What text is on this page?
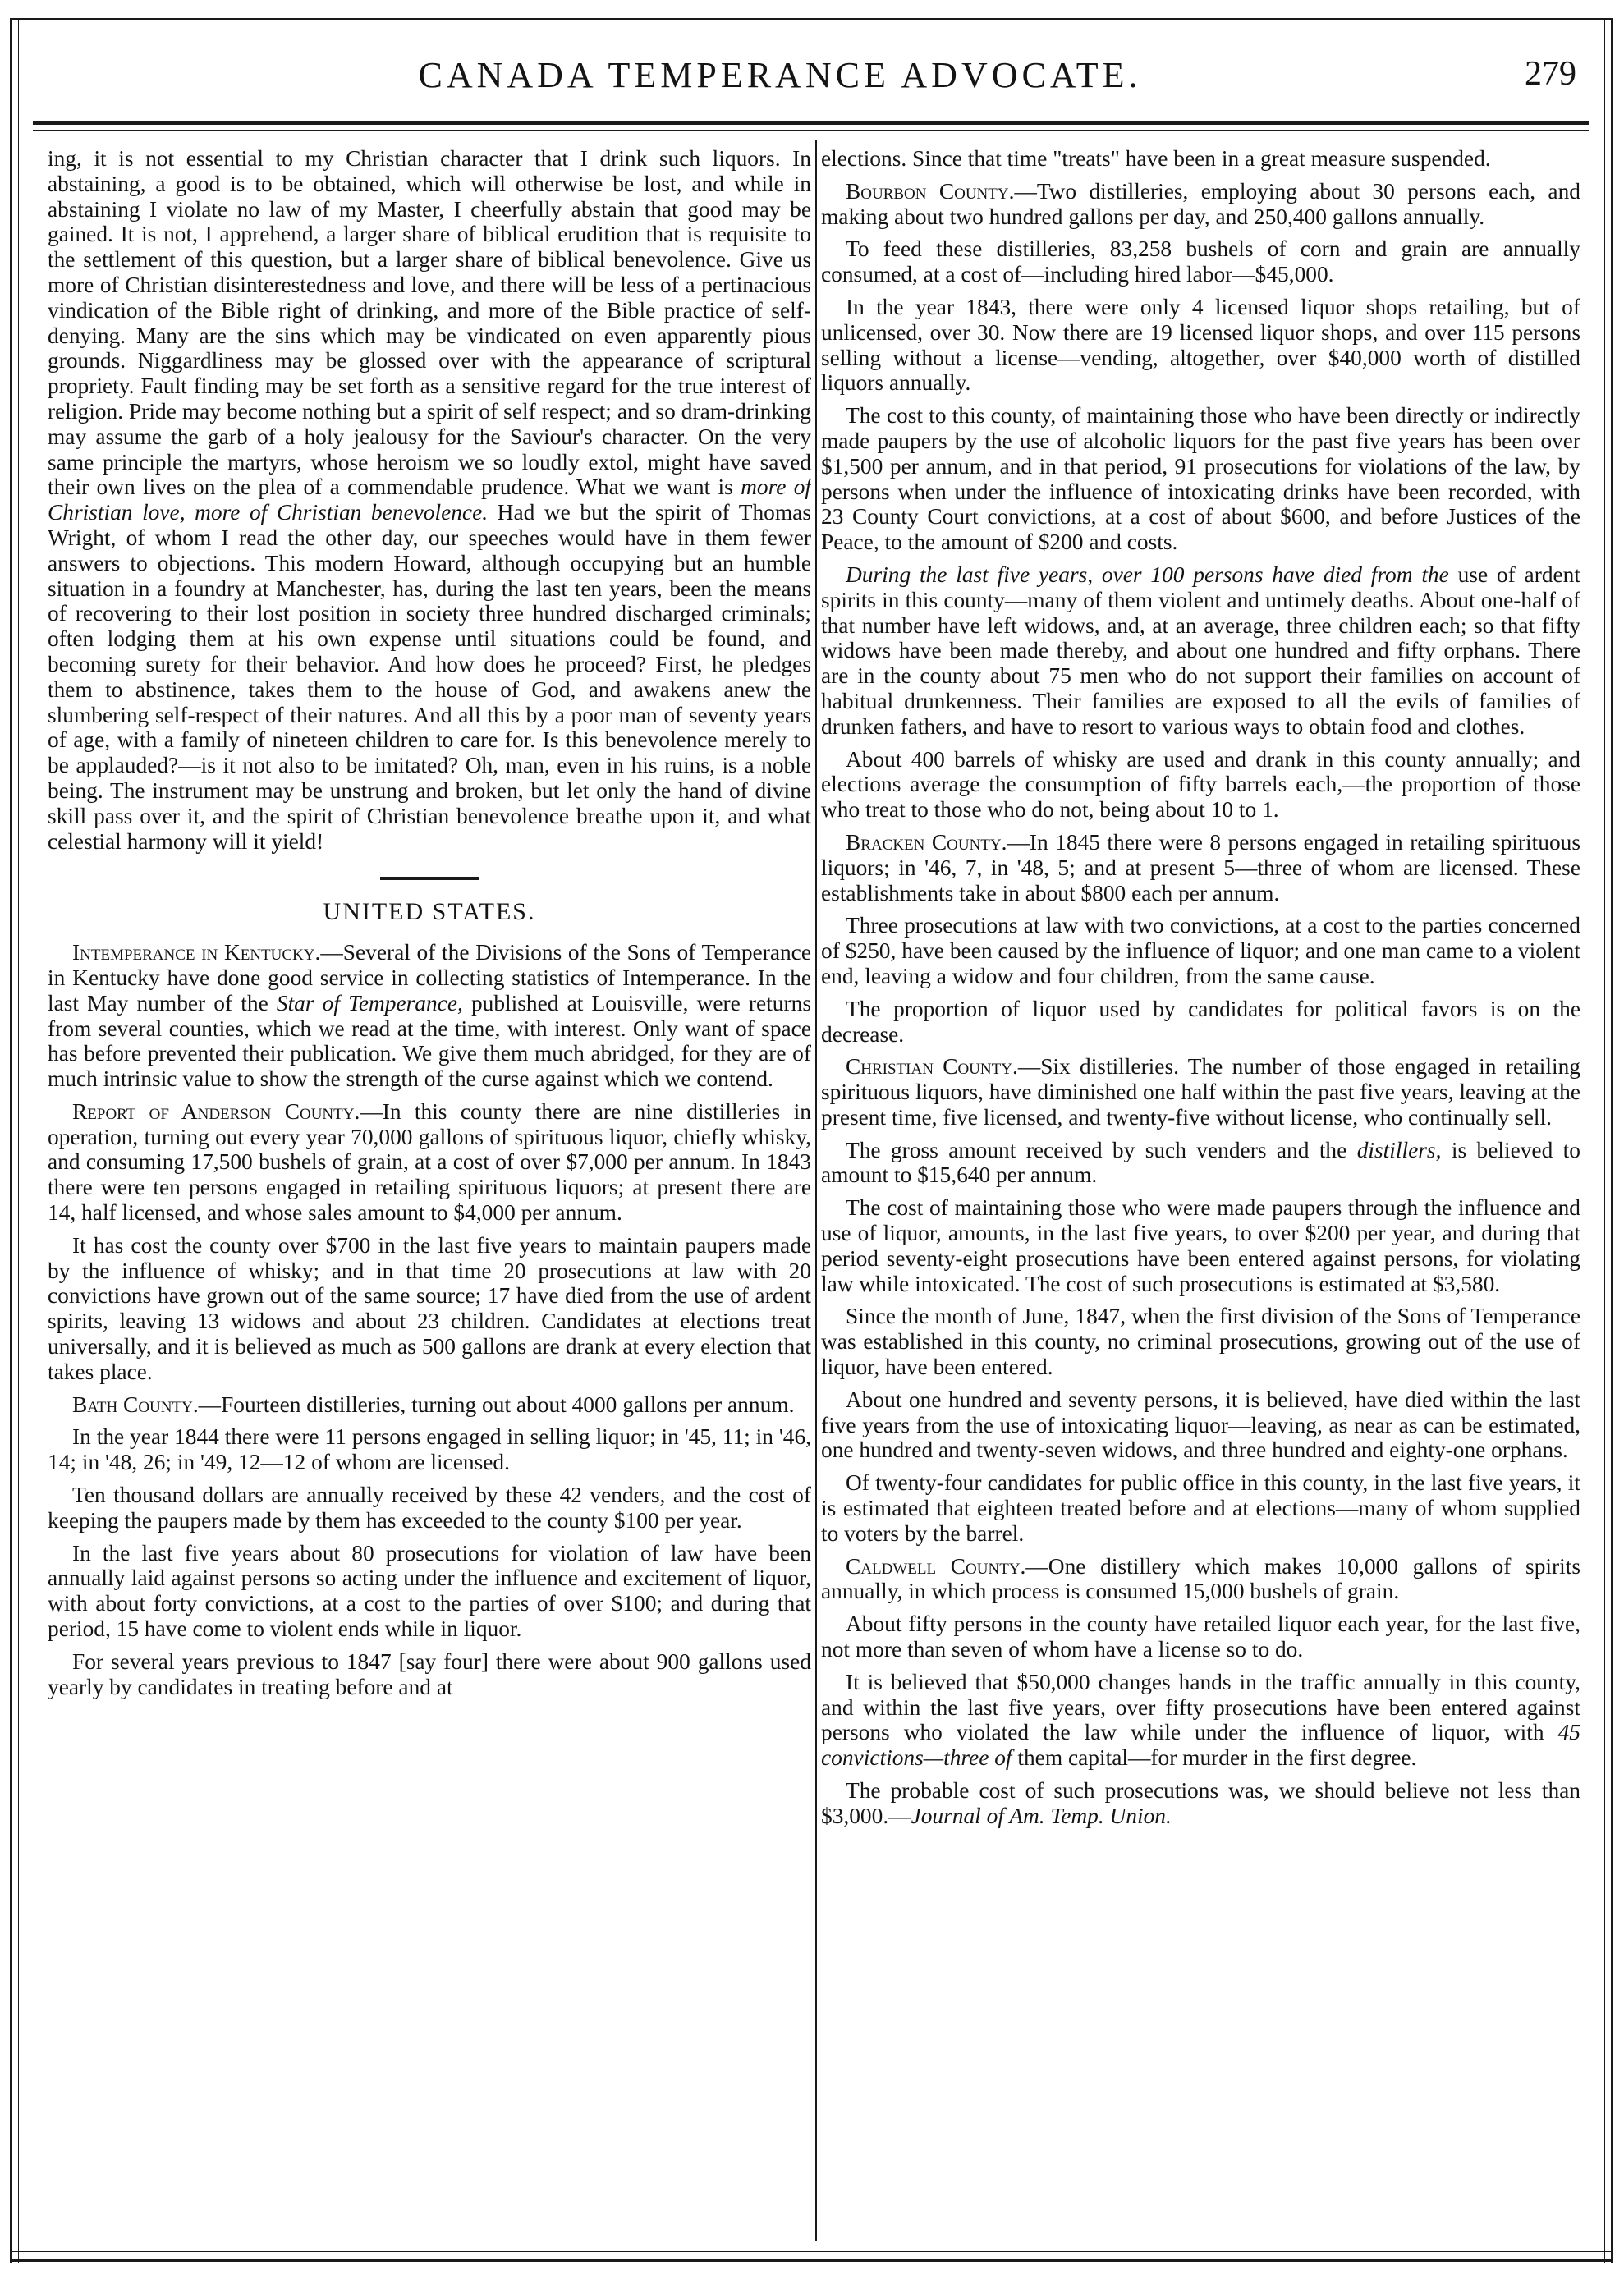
CANADA TEMPERANCE ADVOCATE.	279

ing, it is not essential to my Christian character that I drink such liquors. In abstaining, a good is to be obtained, which will otherwise be lost, and while in abstaining I violate no law of my Master, I cheerfully abstain that good may be gained. It is not, I apprehend, a larger share of biblical erudition that is requisite to the settlement of this question, but a larger share of biblical benevolence. Give us more of Christian disinterestedness and love, and there will be less of a pertinacious vindication of the Bible right of drinking, and more of the Bible practice of self-denying. Many are the sins which may be vindicated on even apparently pious grounds. Niggardliness may be glossed over with the appearance of scriptural propriety. Fault finding may be set forth as a sensitive regard for the true interest of religion. Pride may become nothing but a spirit of self respect; and so dram-drinking may assume the garb of a holy jealousy for the Saviour's character. On the very same principle the martyrs, whose heroism we so loudly extol, might have saved their own lives on the plea of a commendable prudence. What we want is more of Christian love, more of Christian benevolence. Had we but the spirit of Thomas Wright, of whom I read the other day, our speeches would have in them fewer answers to objections. This modern Howard, although occupying but an humble situation in a foundry at Manchester, has, during the last ten years, been the means of recovering to their lost position in society three hundred discharged criminals; often lodging them at his own expense until situations could be found, and becoming surety for their behavior. And how does he proceed? First, he pledges them to abstinence, takes them to the house of God, and awakens anew the slumbering self-respect of their natures. And all this by a poor man of seventy years of age, with a family of nineteen children to care for. Is this benevolence merely to be applauded?—is it not also to be imitated? Oh, man, even in his ruins, is a noble being. The instrument may be unstrung and broken, but let only the hand of divine skill pass over it, and the spirit of Christian benevolence breathe upon it, and what celestial harmony will it yield!

UNITED STATES.

Intemperance in Kentucky.—Several of the Divisions of the Sons of Temperance in Kentucky have done good service in collecting statistics of Intemperance. In the last May number of the Star of Temperance, published at Louisville, were returns from several counties, which we read at the time, with interest. Only want of space has before prevented their publication. We give them much abridged, for they are of much intrinsic value to show the strength of the curse against which we contend.

Report of Anderson County.—In this county there are nine distilleries in operation, turning out every year 70,000 gallons of spirituous liquor, chiefly whisky, and consuming 17,500 bushels of grain, at a cost of over $7,000 per annum. In 1843 there were ten persons engaged in retailing spirituous liquors; at present there are 14, half licensed, and whose sales amount to $4,000 per annum.

It has cost the county over $700 in the last five years to maintain paupers made by the influence of whisky; and in that time 20 prosecutions at law with 20 convictions have grown out of the same source; 17 have died from the use of ardent spirits, leaving 13 widows and about 23 children. Candidates at elections treat universally, and it is believed as much as 500 gallons are drank at every election that takes place.

Bath County.—Fourteen distilleries, turning out about 4000 gallons per annum.

In the year 1844 there were 11 persons engaged in selling liquor; in '45, 11; in '46, 14; in '48, 26; in '49, 12—12 of whom are licensed.

Ten thousand dollars are annually received by these 42 venders, and the cost of keeping the paupers made by them has exceeded to the county $100 per year.

In the last five years about 80 prosecutions for violation of law have been annually laid against persons so acting under the influence and excitement of liquor, with about forty convictions, at a cost to the parties of over $100; and during that period, 15 have come to violent ends while in liquor.

For several years previous to 1847 [say four] there were about 900 gallons used yearly by candidates in treating before and at

elections. Since that time "treats" have been in a great measure suspended.

Bourbon County.—Two distilleries, employing about 30 persons each, and making about two hundred gallons per day, and 250,400 gallons annually.

To feed these distilleries, 83,258 bushels of corn and grain are annually consumed, at a cost of—including hired labor—$45,000.

In the year 1843, there were only 4 licensed liquor shops retailing, but of unlicensed, over 30. Now there are 19 licensed liquor shops, and over 115 persons selling without a license—vending, altogether, over $40,000 worth of distilled liquors annually.

The cost to this county, of maintaining those who have been directly or indirectly made paupers by the use of alcoholic liquors for the past five years has been over $1,500 per annum, and in that period, 91 prosecutions for violations of the law, by persons when under the influence of intoxicating drinks have been recorded, with 23 County Court convictions, at a cost of about $600, and before Justices of the Peace, to the amount of $200 and costs.

During the last five years, over 100 persons have died from the use of ardent spirits in this county—many of them violent and untimely deaths. About one-half of that number have left widows, and, at an average, three children each; so that fifty widows have been made thereby, and about one hundred and fifty orphans. There are in the county about 75 men who do not support their families on account of habitual drunkenness. Their families are exposed to all the evils of families of drunken fathers, and have to resort to various ways to obtain food and clothes.

About 400 barrels of whisky are used and drank in this county annually; and elections average the consumption of fifty barrels each,—the proportion of those who treat to those who do not, being about 10 to 1.

Bracken County.—In 1845 there were 8 persons engaged in retailing spirituous liquors; in '46, 7, in '48, 5; and at present 5—three of whom are licensed. These establishments take in about $800 each per annum.

Three prosecutions at law with two convictions, at a cost to the parties concerned of $250, have been caused by the influence of liquor; and one man came to a violent end, leaving a widow and four children, from the same cause.

The proportion of liquor used by candidates for political favors is on the decrease.

Christian County.—Six distilleries. The number of those engaged in retailing spirituous liquors, have diminished one half within the past five years, leaving at the present time, five licensed, and twenty-five without license, who continually sell.

The gross amount received by such venders and the distillers, is believed to amount to $15,640 per annum.

The cost of maintaining those who were made paupers through the influence and use of liquor, amounts, in the last five years, to over $200 per year, and during that period seventy-eight prosecutions have been entered against persons, for violating law while intoxicated. The cost of such prosecutions is estimated at $3,580.

Since the month of June, 1847, when the first division of the Sons of Temperance was established in this county, no criminal prosecutions, growing out of the use of liquor, have been entered.

About one hundred and seventy persons, it is believed, have died within the last five years from the use of intoxicating liquor—leaving, as near as can be estimated, one hundred and twenty-seven widows, and three hundred and eighty-one orphans.

Of twenty-four candidates for public office in this county, in the last five years, it is estimated that eighteen treated before and at elections—many of whom supplied to voters by the barrel.

Caldwell County.—One distillery which makes 10,000 gallons of spirits annually, in which process is consumed 15,000 bushels of grain.

About fifty persons in the county have retailed liquor each year, for the last five, not more than seven of whom have a license so to do.

It is believed that $50,000 changes hands in the traffic annually in this county, and within the last five years, over fifty prosecutions have been entered against persons who violated the law while under the influence of liquor, with 45 convictions—three of them capital—for murder in the first degree.

The probable cost of such prosecutions was, we should believe not less than $3,000.—Journal of Am. Temp. Union.
